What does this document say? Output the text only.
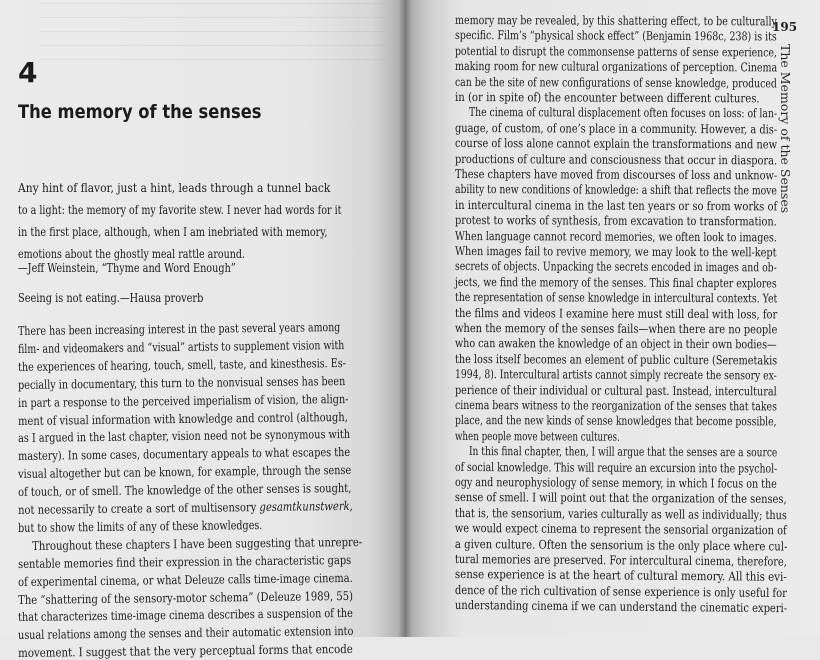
4
The memory of the senses
Any hint of flavor, just a hint, leads through a tunnel back
to a light: the memory of my favorite stew. I never had words for it
in the first place, although, when I am inebriated with memory,
emotions about the ghostly meal rattle around.
—Jeff Weinstein, “Thyme and Word Enough”
Seeing is not eating.—Hausa proverb
There has been increasing interest in the past several years among
film- and videomakers and “visual” artists to supplement vision with
the experiences of hearing, touch, smell, taste, and kinesthesis. Es-
pecially in documentary, this turn to the nonvisual senses has been
in part a response to the perceived imperialism of vision, the align-
ment of visual information with knowledge and control (although,
as I argued in the last chapter, vision need not be synonymous with
mastery). In some cases, documentary appeals to what escapes the
visual altogether but can be known, for example, through the sense
of touch, or of smell. The knowledge of the other senses is sought,
not necessarily to create a sort of multisensory gesamtkunstwerk,
but to show the limits of any of these knowledges.
Throughout these chapters I have been suggesting that unrepre-
sentable memories find their expression in the characteristic gaps
of experimental cinema, or what Deleuze calls time-image cinema.
The “shattering of the sensory-motor schema” (Deleuze 1989, 55)
that characterizes time-image cinema describes a suspension of the
usual relations among the senses and their automatic extension into
movement. I suggest that the very perceptual forms that encode
memory may be revealed, by this shattering effect, to be culturally
specific. Film’s “physical shock effect” (Benjamin 1968c, 238) is its
potential to disrupt the commonsense patterns of sense experience,
making room for new cultural organizations of perception. Cinema
can be the site of new configurations of sense knowledge, produced
in (or in spite of) the encounter between different cultures.
The cinema of cultural displacement often focuses on loss: of lan-
guage, of custom, of one’s place in a community. However, a dis-
course of loss alone cannot explain the transformations and new
productions of culture and consciousness that occur in diaspora.
These chapters have moved from discourses of loss and unknow-
ability to new conditions of knowledge: a shift that reflects the move
in intercultural cinema in the last ten years or so from works of
protest to works of synthesis, from excavation to transformation.
When language cannot record memories, we often look to images.
When images fail to revive memory, we may look to the well-kept
secrets of objects. Unpacking the secrets encoded in images and ob-
jects, we find the memory of the senses. This final chapter explores
the representation of sense knowledge in intercultural contexts. Yet
the films and videos I examine here must still deal with loss, for
when the memory of the senses fails—when there are no people
who can awaken the knowledge of an object in their own bodies—
the loss itself becomes an element of public culture (Seremetakis
1994, 8). Intercultural artists cannot simply recreate the sensory ex-
perience of their individual or cultural past. Instead, intercultural
cinema bears witness to the reorganization of the senses that takes
place, and the new kinds of sense knowledges that become possible,
when people move between cultures.
In this final chapter, then, I will argue that the senses are a source
of social knowledge. This will require an excursion into the psychol-
ogy and neurophysiology of sense memory, in which I focus on the
sense of smell. I will point out that the organization of the senses,
that is, the sensorium, varies culturally as well as individually; thus
we would expect cinema to represent the sensorial organization of
a given culture. Often the sensorium is the only place where cul-
tural memories are preserved. For intercultural cinema, therefore,
sense experience is at the heart of cultural memory. All this evi-
dence of the rich cultivation of sense experience is only useful for
understanding cinema if we can understand the cinematic experi-
195
The Memory of the Senses
